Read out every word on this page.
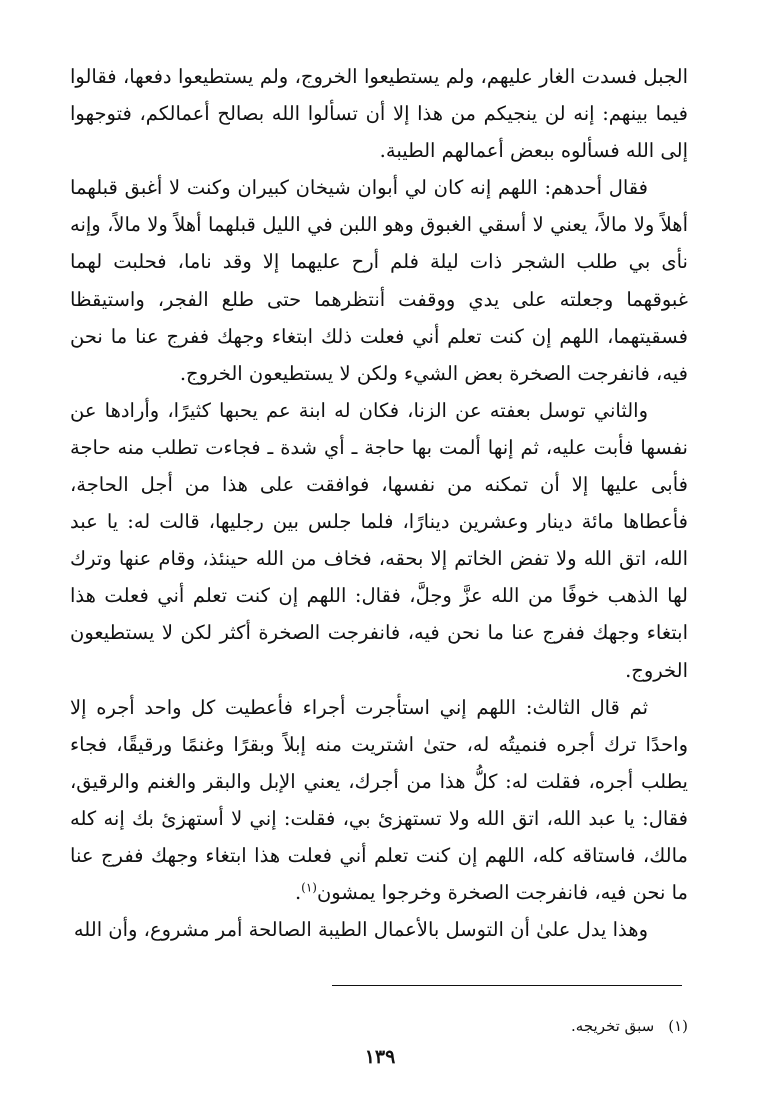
الجبل فسدت الغار عليهم، ولم يستطيعوا الخروج، ولم يستطيعوا دفعها، فقالوا فيما بينهم: إنه لن ينجيكم من هذا إلا أن تسألوا الله بصالح أعمالكم، فتوجهوا إلى الله فسألوه ببعض أعمالهم الطيبة.

فقال أحدهم: اللهم إنه كان لي أبوان شيخان كبيران وكنت لا أغبق قبلهما أهلاً ولا مالاً، يعني لا أسقي الغبوق وهو اللبن في الليل قبلهما أهلاً ولا مالاً، وإنه نأى بي طلب الشجر ذات ليلة فلم أرح عليهما إلا وقد ناما، فحلبت لهما غبوقهما وجعلته على يدي ووقفت أنتظرهما حتى طلع الفجر، واستيقظا فسقيتهما، اللهم إن كنت تعلم أني فعلت ذلك ابتغاء وجهك ففرج عنا ما نحن فيه، فانفرجت الصخرة بعض الشيء ولكن لا يستطيعون الخروج.

والثاني توسل بعفته عن الزنا، فكان له ابنة عم يحبها كثيرًا، وأرادها عن نفسها فأبت عليه، ثم إنها ألمت بها حاجة ـ أي شدة ـ فجاءت تطلب منه حاجة فأبى عليها إلا أن تمكنه من نفسها، فوافقت على هذا من أجل الحاجة، فأعطاها مائة دينار وعشرين دينارًا، فلما جلس بين رجليها، قالت له: يا عبد الله، اتق الله ولا تفض الخاتم إلا بحقه، فخاف من الله حينئذ، وقام عنها وترك لها الذهب خوفًا من الله عزَّ وجلَّ، فقال: اللهم إن كنت تعلم أني فعلت هذا ابتغاء وجهك ففرج عنا ما نحن فيه، فانفرجت الصخرة أكثر لكن لا يستطيعون الخروج.

ثم قال الثالث: اللهم إني استأجرت أجراء فأعطيت كل واحد أجره إلا واحدًا ترك أجره فنميتُه له، حتىٰ اشتريت منه إبلاً وبقرًا وغنمًا ورقيقًا، فجاء يطلب أجره، فقلت له: كلُّ هذا من أجرك، يعني الإبل والبقر والغنم والرقيق، فقال: يا عبد الله، اتق الله ولا تستهزئ بي، فقلت: إني لا أستهزئ بك إنه كله مالك، فاستاقه كله، اللهم إن كنت تعلم أني فعلت هذا ابتغاء وجهك ففرج عنا ما نحن فيه، فانفرجت الصخرة وخرجوا يمشون$^{(١)}$.

وهذا يدل علىٰ أن التوسل بالأعمال الطيبة الصالحة أمر مشروع، وأن الله

(١)سبق تخريجه.
١٣٩
